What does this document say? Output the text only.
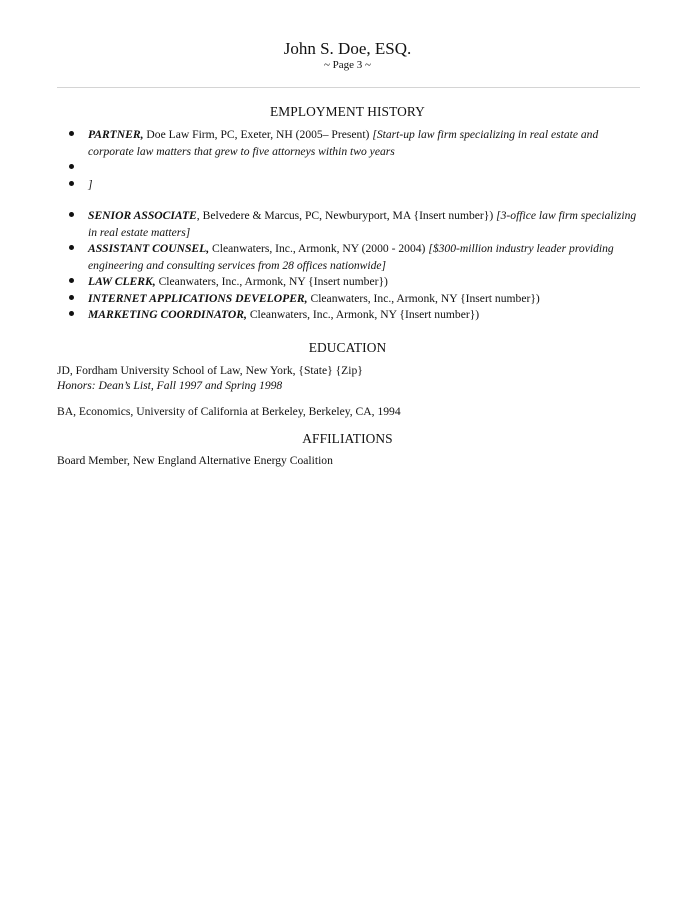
John S. Doe, ESQ.
~ Page 3 ~
EMPLOYMENT HISTORY
PARTNER, Doe Law Firm, PC, Exeter, NH (2005– Present) [Start-up law firm specializing in real estate and corporate law matters that grew to five attorneys within two years
]
SENIOR ASSOCIATE, Belvedere & Marcus, PC, Newburyport, MA {Insert number}) [3-office law firm specializing in real estate matters]
ASSISTANT COUNSEL, Cleanwaters, Inc., Armonk, NY (2000 - 2004) [$300-million industry leader providing engineering and consulting services from 28 offices nationwide]
LAW CLERK, Cleanwaters, Inc., Armonk, NY {Insert number})
INTERNET APPLICATIONS DEVELOPER, Cleanwaters, Inc., Armonk, NY {Insert number})
MARKETING COORDINATOR, Cleanwaters, Inc., Armonk, NY {Insert number})
EDUCATION
JD, Fordham University School of Law, New York, {State} {Zip}
Honors: Dean’s List, Fall 1997 and Spring 1998
BA, Economics, University of California at Berkeley, Berkeley, CA, 1994
AFFILIATIONS
Board Member, New England Alternative Energy Coalition
